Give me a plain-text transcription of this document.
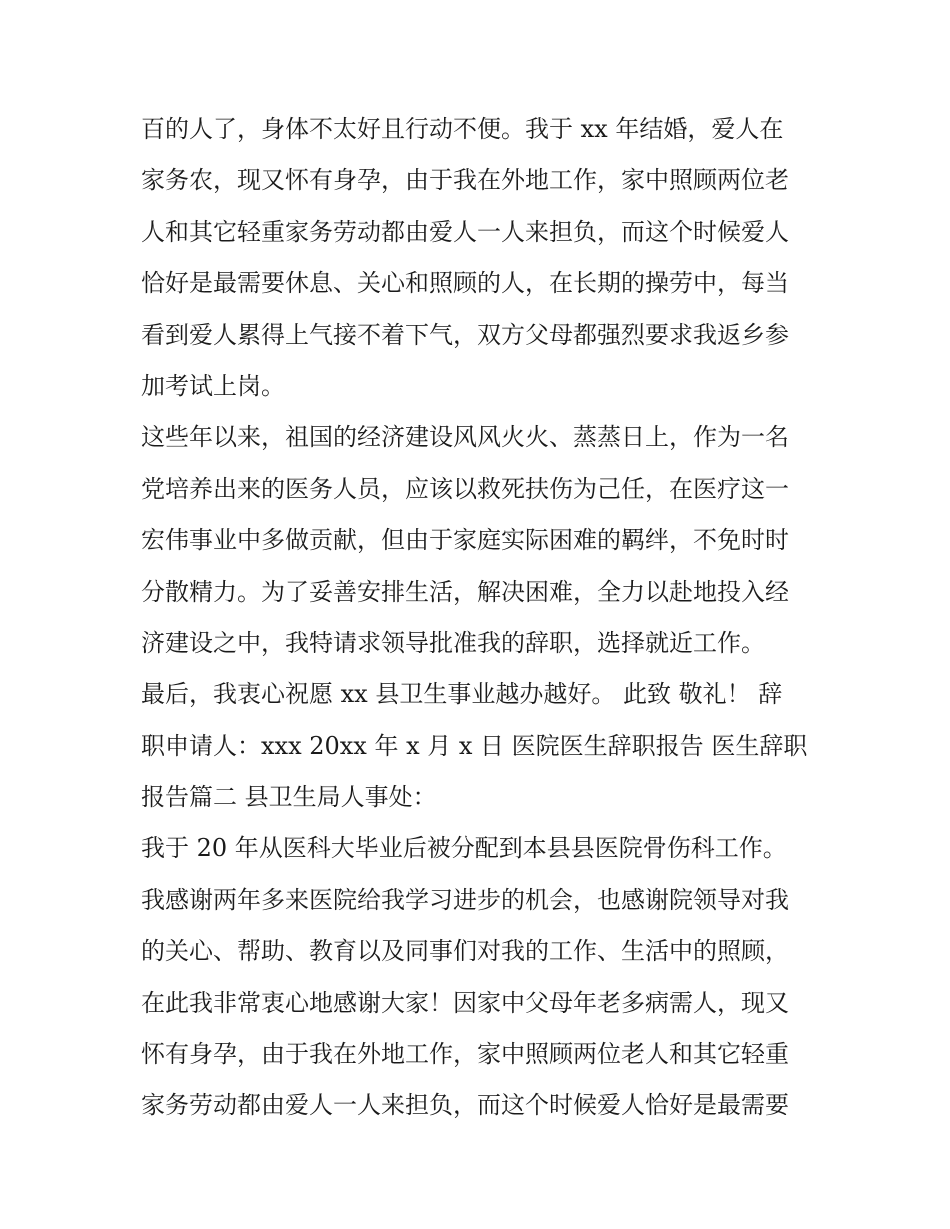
百的人了，身体不太好且行动不便。我于 xx 年结婚，爱人在
家务农，现又怀有身孕，由于我在外地工作，家中照顾两位老
人和其它轻重家务劳动都由爱人一人来担负，而这个时候爱人
恰好是最需要休息、关心和照顾的人，在长期的操劳中，每当
看到爱人累得上气接不着下气，双方父母都强烈要求我返乡参
加考试上岗。
这些年以来，祖国的经济建设风风火火、蒸蒸日上，作为一名
党培养出来的医务人员，应该以救死扶伤为己任，在医疗这一
宏伟事业中多做贡献，但由于家庭实际困难的羁绊，不免时时
分散精力。为了妥善安排生活，解决困难，全力以赴地投入经
济建设之中，我特请求领导批准我的辞职，选择就近工作。
最后，我衷心祝愿 xx 县卫生事业越办越好。 此致 敬礼！ 辞
职申请人：xxx 20xx 年 x 月 x 日 医院医生辞职报告 医生辞职
报告篇二 县卫生局人事处：
我于 20 年从医科大毕业后被分配到本县县医院骨伤科工作。
我感谢两年多来医院给我学习进步的机会，也感谢院领导对我
的关心、帮助、教育以及同事们对我的工作、生活中的照顾，
在此我非常衷心地感谢大家！因家中父母年老多病需人，现又
怀有身孕，由于我在外地工作，家中照顾两位老人和其它轻重
家务劳动都由爱人一人来担负，而这个时候爱人恰好是最需要
